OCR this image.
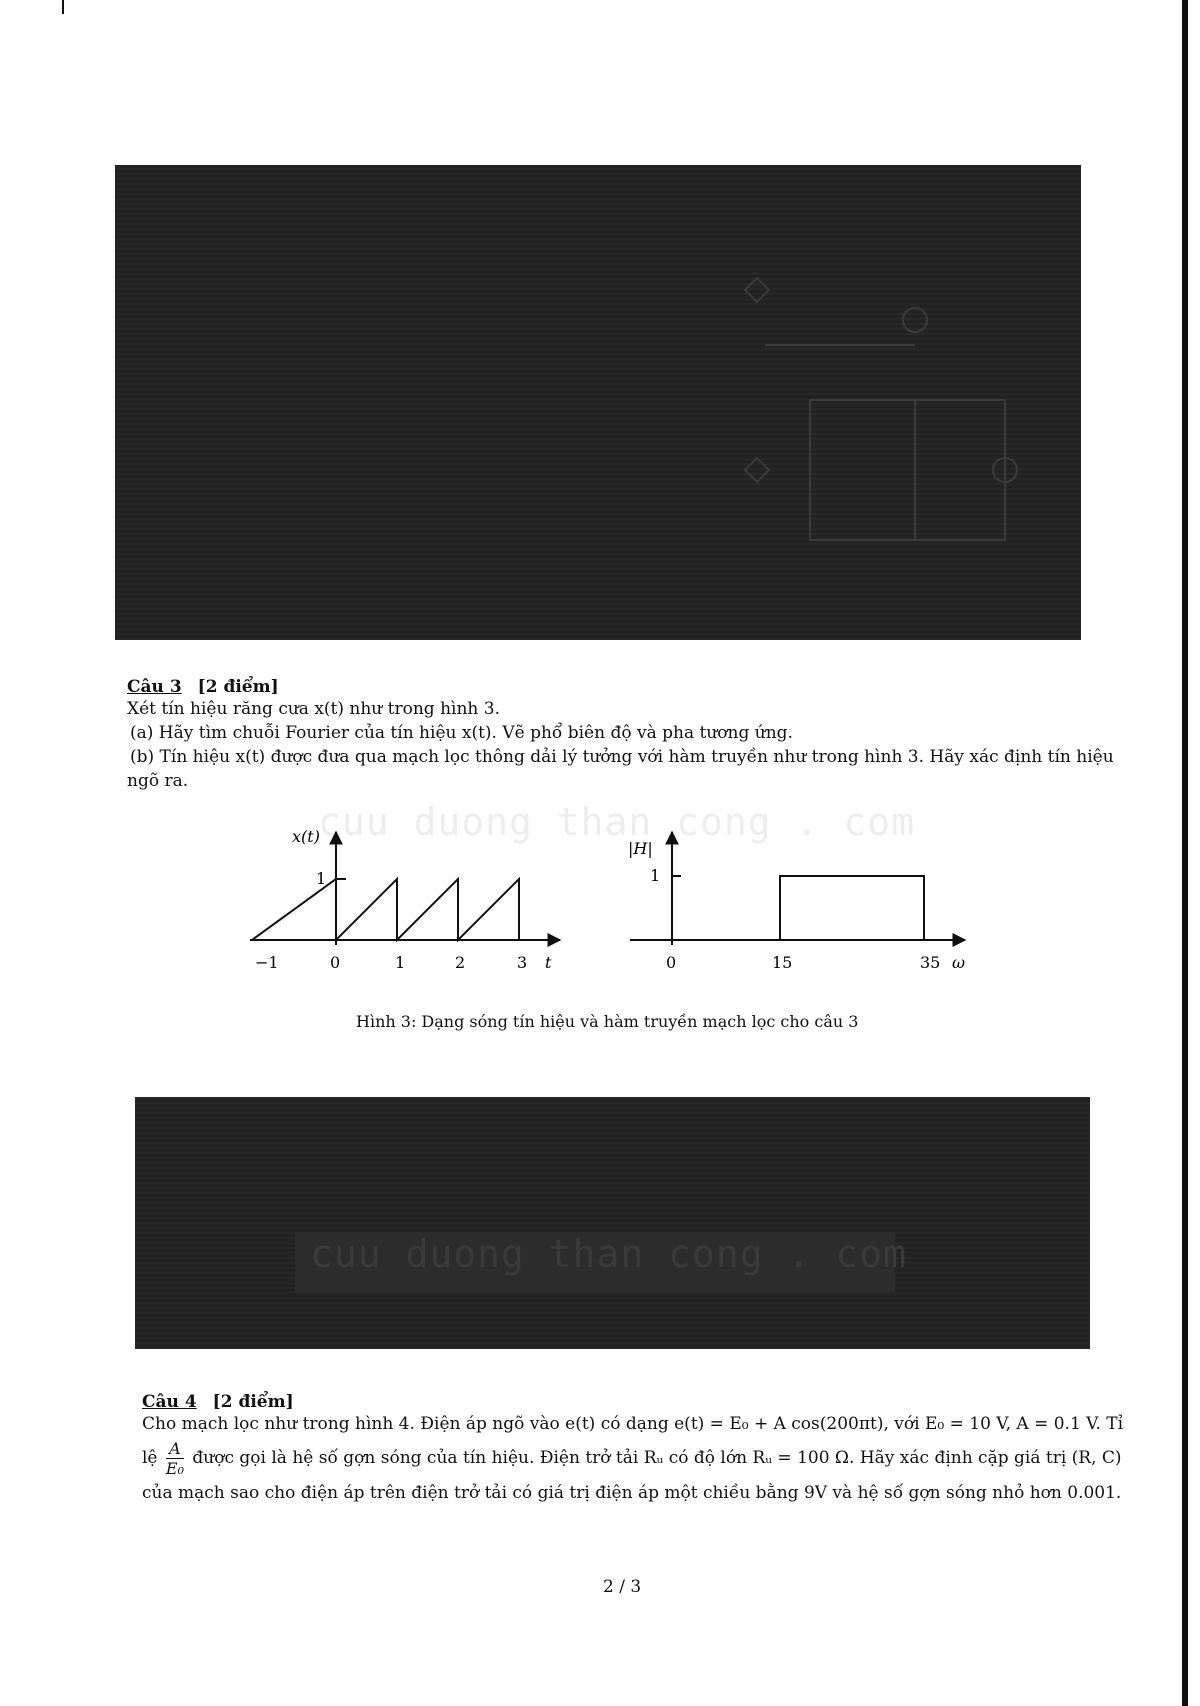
Câu 3 [2 điểm]
Xét tín hiệu răng cưa x(t) như trong hình 3.
(a) Hãy tìm chuỗi Fourier của tín hiệu x(t). Vẽ phổ biên độ và pha tương ứng.
(b) Tín hiệu x(t) được đưa qua mạch lọc thông dải lý tưởng với hàm truyền như trong hình 3. Hãy xác định tín hiệu
ngõ ra.
cuu duong than cong . com
x(t)
1
−1	0	1	2	3 t
|H|
1
0	15	35 ω
Hình 3: Dạng sóng tín hiệu và hàm truyền mạch lọc cho câu 3
cuu duong than cong . com
Câu 4 [2 điểm]
Cho mạch lọc như trong hình 4. Điện áp ngõ vào e(t) có dạng e(t) = E₀ + A cos(200πt), với E₀ = 10 V, A = 0.1 V. Tỉ
lệ $\frac{A}{\text{E₀}}$ được gọi là hệ số gợn sóng của tín hiệu. Điện trở tải Rᵤ có độ lớn Rᵤ = 100 Ω. Hãy xác định cặp giá trị (R, C)
của mạch sao cho điện áp trên điện trở tải có giá trị điện áp một chiều bằng 9V và hệ số gợn sóng nhỏ hơn 0.001.
2 / 3
